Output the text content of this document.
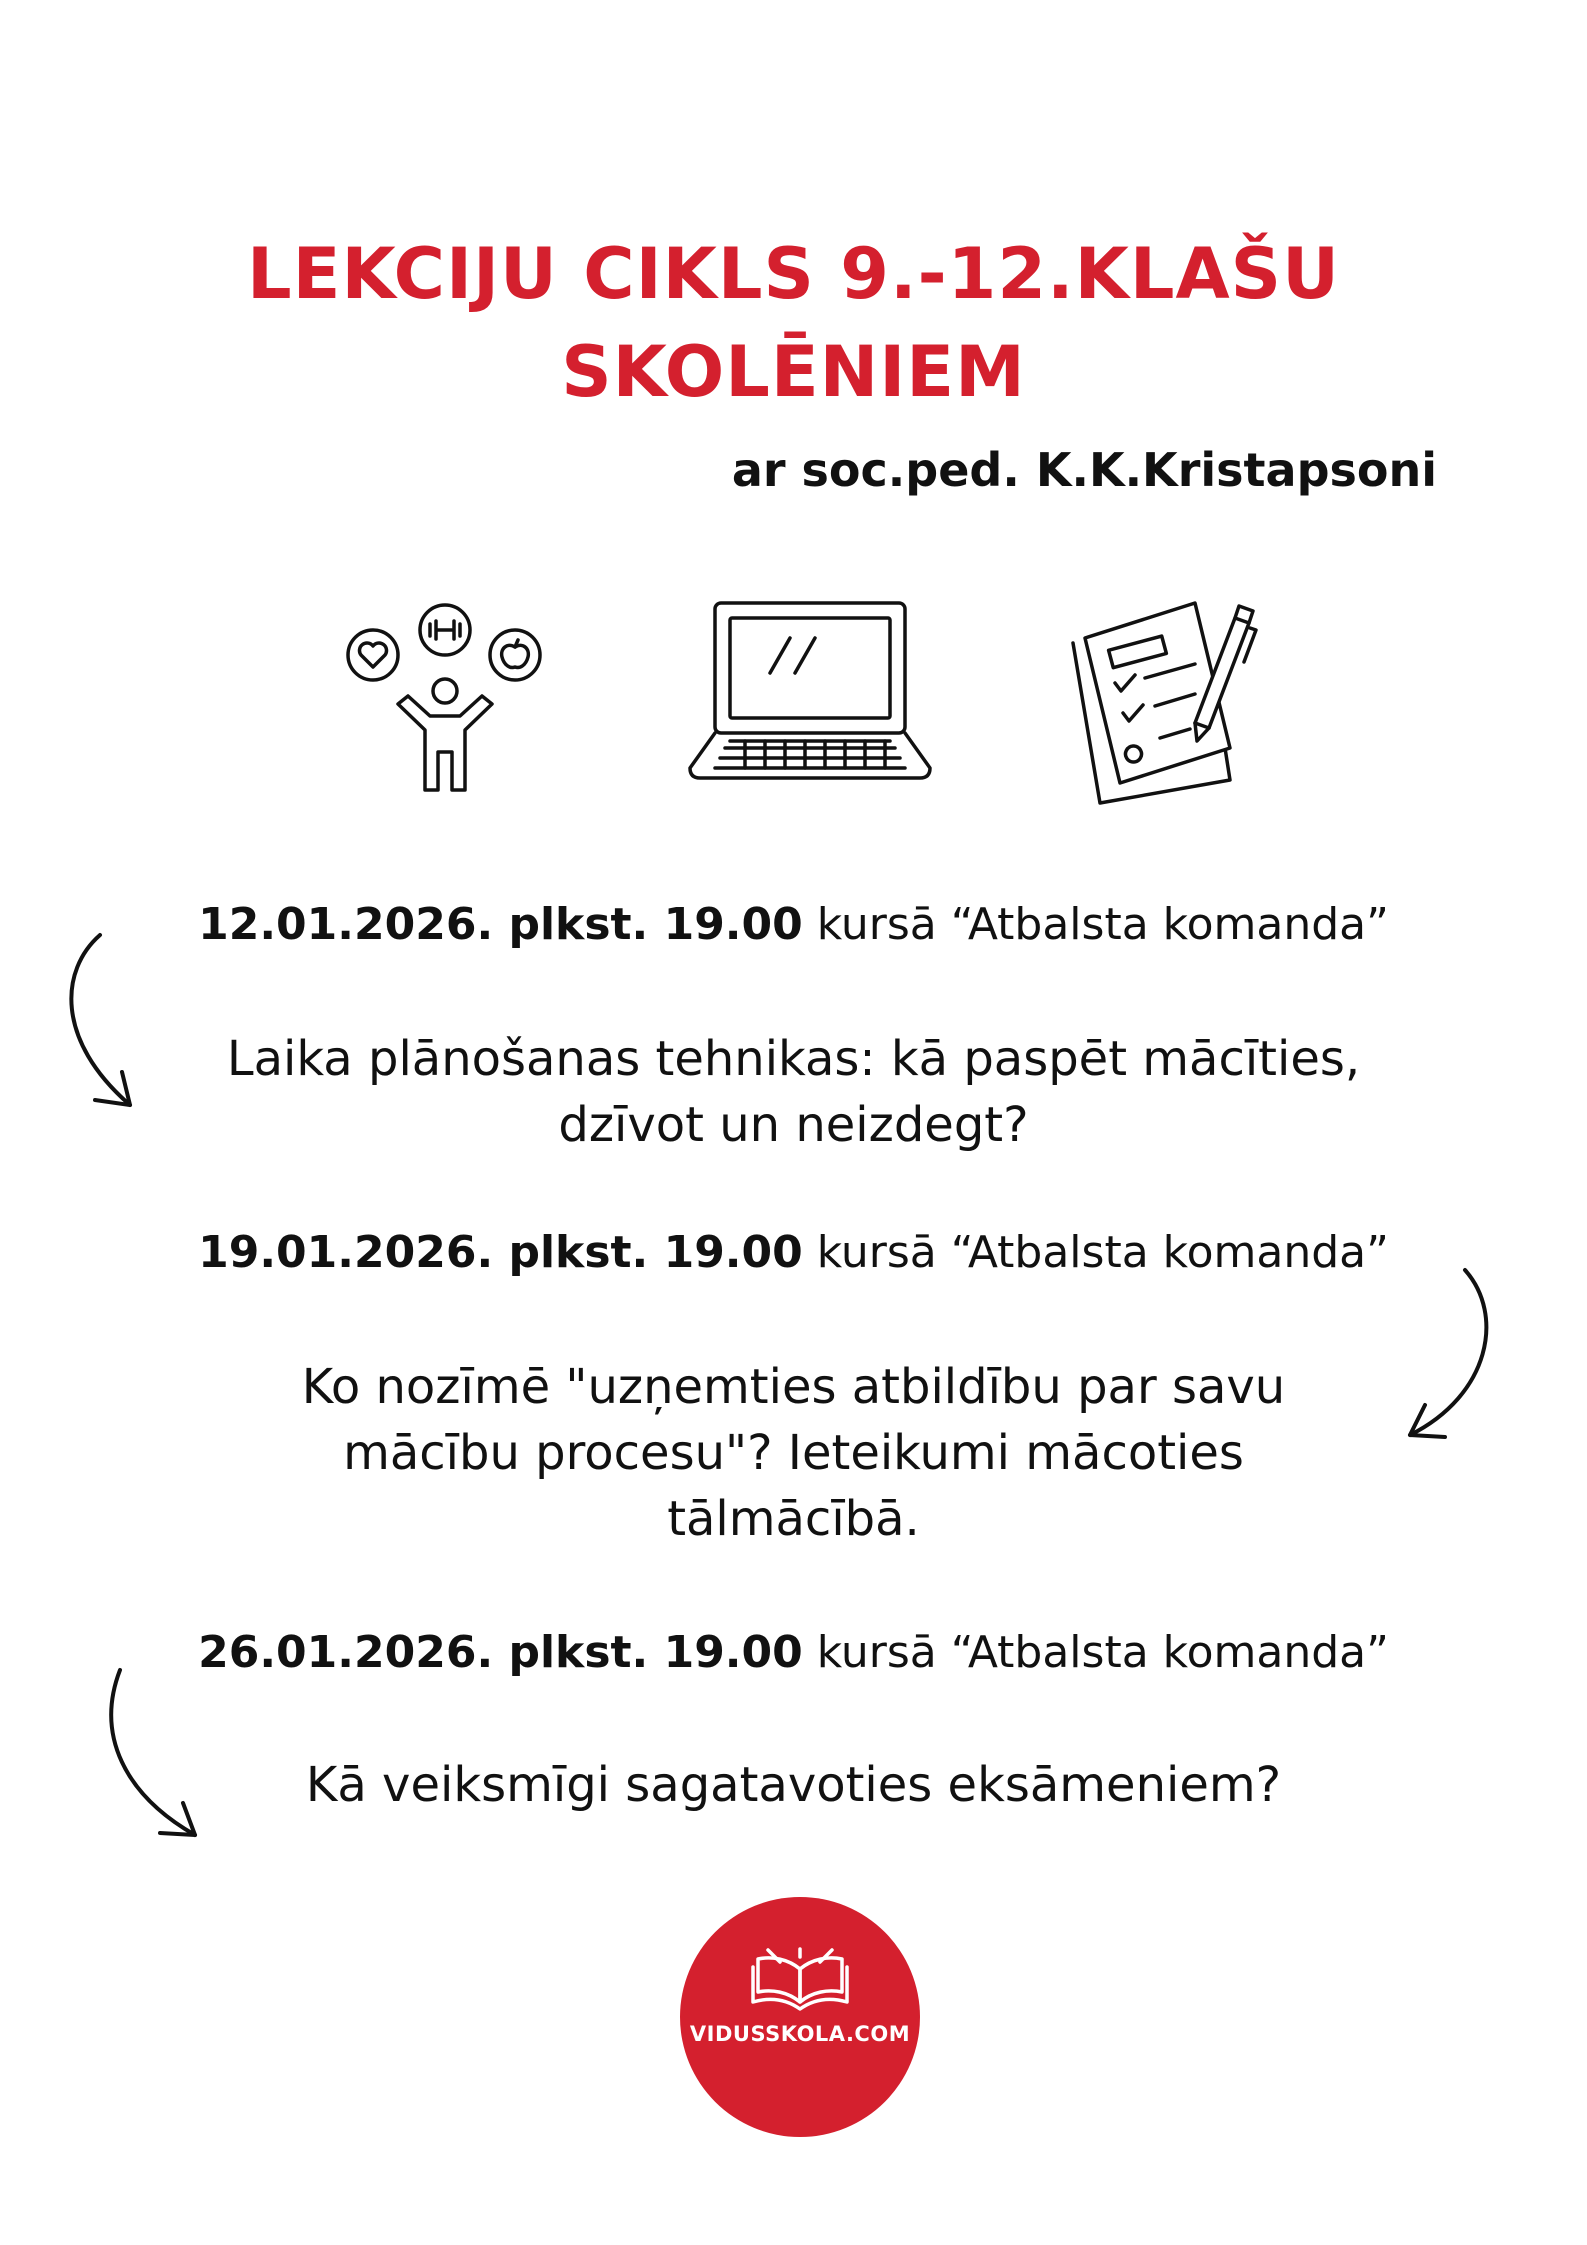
LEKCIJU CIKLS 9.-12.KLAŠU
SKOLĒNIEM
ar soc.ped. K.K.Kristapsoni
12.01.2026. plkst. 19.00 kursā “Atbalsta komanda”
Laika plānošanas tehnikas: kā paspēt mācīties, dzīvot un neizdegt?
19.01.2026. plkst. 19.00 kursā “Atbalsta komanda”
Ko nozīmē "uzņemties atbildību par savu mācību procesu"? Ieteikumi mācoties tālmācībā.
26.01.2026. plkst. 19.00 kursā “Atbalsta komanda”
Kā veiksmīgi sagatavoties eksāmeniem?
VIDUSSKOLA.COM
